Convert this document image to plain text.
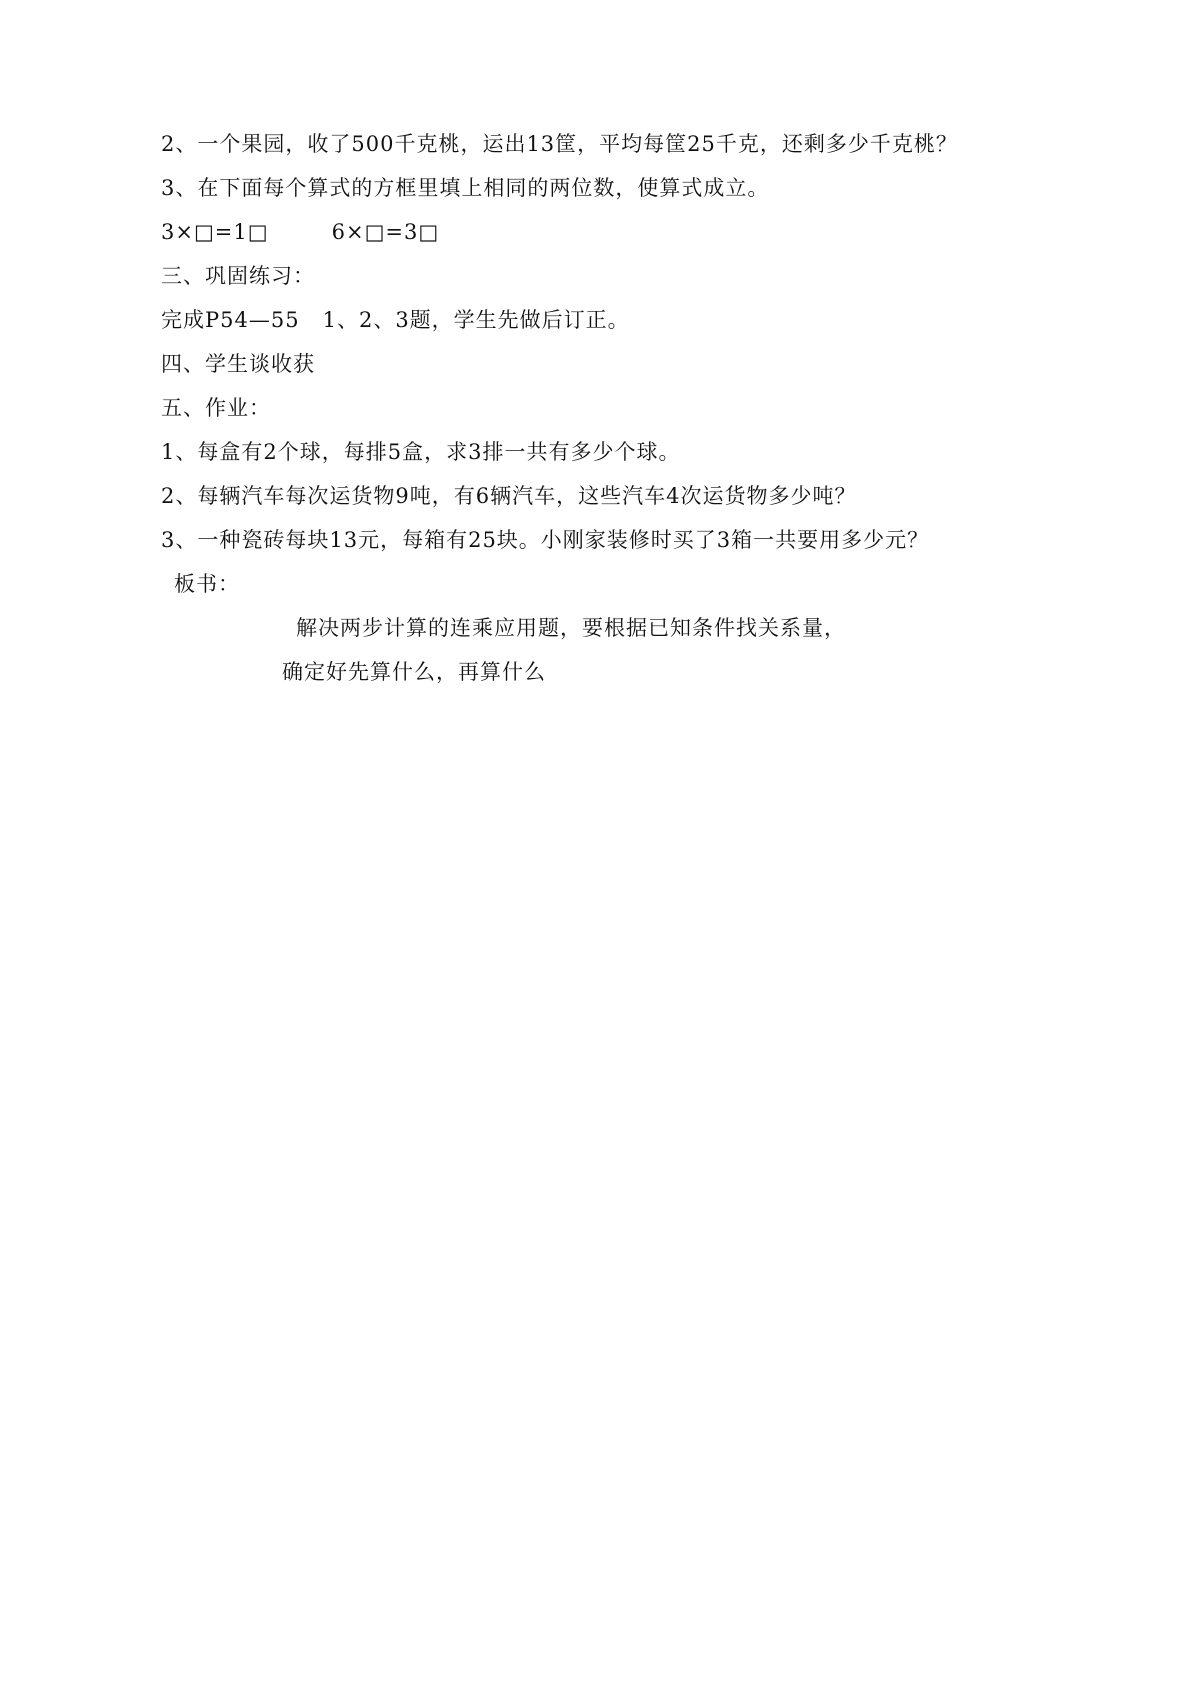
2、一个果园，收了500千克桃，运出13筐，平均每筐25千克，还剩多少千克桃？
3、在下面每个算式的方框里填上相同的两位数，使算式成立。
3×□=1□	6×□=3□
三、巩固练习：
完成P54—55   1、2、3题，学生先做后订正。
四、学生谈收获
五、作业：
1、每盒有2个球，每排5盒，求3排一共有多少个球。
2、每辆汽车每次运货物9吨，有6辆汽车，这些汽车4次运货物多少吨？
3、一种瓷砖每块13元，每箱有25块。小刚家装修时买了3箱一共要用多少元？
板书：
解决两步计算的连乘应用题，要根据已知条件找关系量，
确定好先算什么，再算什么
